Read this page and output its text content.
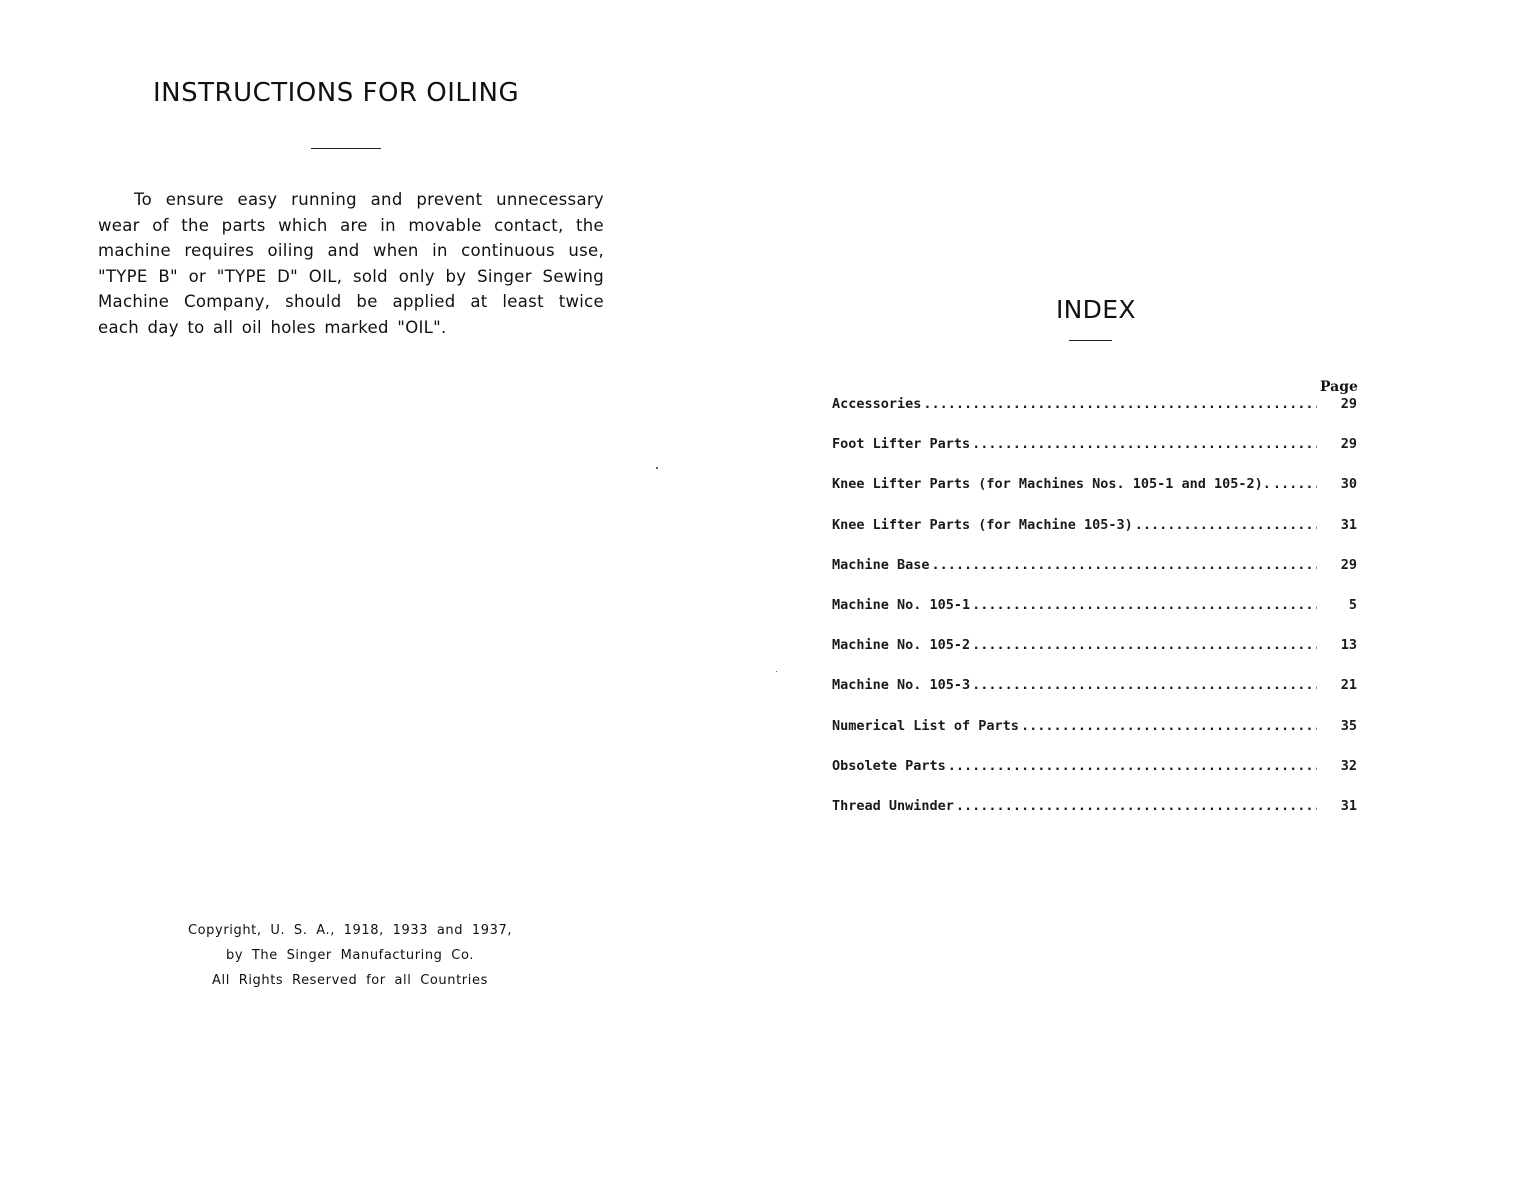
INSTRUCTIONS FOR OILING

To ensure easy running and prevent unnecessary wear of the parts which are in movable contact, the machine requires oiling and when in continuous use, "TYPE B" or "TYPE D" OIL, sold only by Singer Sewing Machine Company, should be applied at least twice each day to all oil holes marked "OIL".

Copyright, U. S. A., 1918, 1933 and 1937,
by The Singer Manufacturing Co.
All Rights Reserved for all Countries
INDEX
Page
Accessories .....	29
Foot Lifter Parts .....	29
Knee Lifter Parts (for Machines Nos. 105-1 and 105-2). .....	30
Knee Lifter Parts (for Machine 105-3) .....	31
Machine Base .....	29
Machine No. 105-1 .....	5
Machine No. 105-2 .....	13
Machine No. 105-3 .....	21
Numerical List of Parts .....	35
Obsolete Parts .....	32
Thread Unwinder .....	31
